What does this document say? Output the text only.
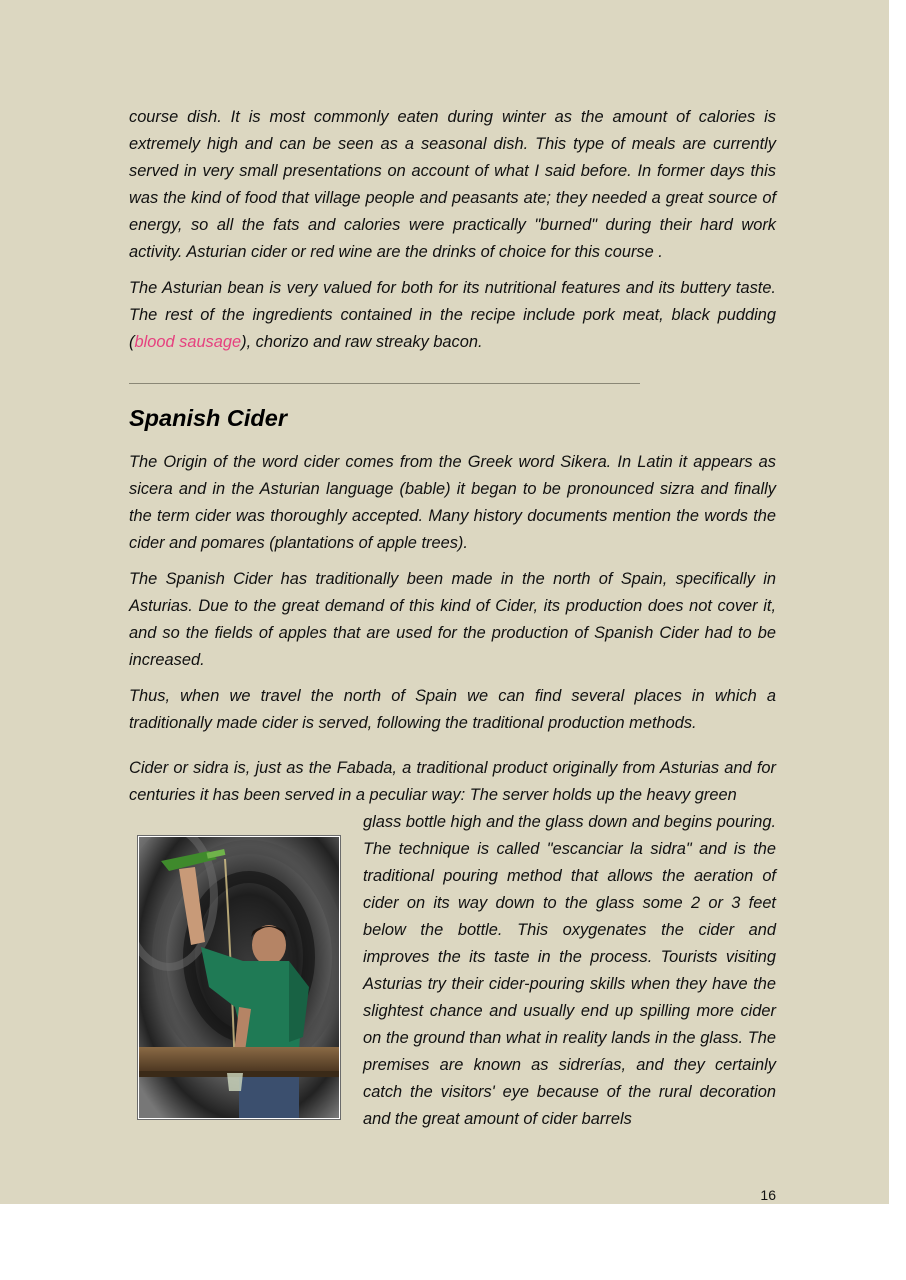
course dish. It is most commonly eaten during winter as the amount of calories is extremely high and can be seen as a seasonal dish. This type of meals are currently served in very small presentations on account of what I said before. In former days this was the kind of food that village people and peasants ate; they needed a great source of energy, so all the fats and calories were practically "burned" during their hard work activity. Asturian cider or red wine are the drinks of choice for this course .

The Asturian bean is very valued for both for its nutritional features and its buttery taste. The rest of the ingredients contained in the recipe include pork meat, black pudding (blood sausage), chorizo and raw streaky bacon.

Spanish Cider

The Origin of the word cider comes from the Greek word Sikera. In Latin it appears as sicera and in the Asturian language (bable) it began to be pronounced sizra and finally the term cider was thoroughly accepted. Many history documents mention the words the cider and pomares (plantations of apple trees).

The Spanish Cider has traditionally been made in the north of Spain, specifically in Asturias. Due to the great demand of this kind of Cider, its production does not cover it, and so the fields of apples that are used for the production of Spanish Cider had to be increased.

Thus, when we travel the north of Spain we can find several places in which a traditionally made cider is served, following the traditional production methods.

Cider or sidra is, just as the Fabada, a traditional product originally from Asturias and for centuries it has been served in a peculiar way: The server holds up the heavy green

glass bottle high and the glass down and begins pouring. The technique is called "escanciar la sidra" and is the traditional pouring method that allows the aeration of cider on its way down to the glass some 2 or 3 feet below the bottle. This oxygenates the cider and improves the its taste in the process. Tourists visiting Asturias try their cider-pouring skills when they have the slightest chance and usually end up spilling more cider on the ground than what in reality lands in the glass. The premises are known as sidrerías, and they certainly catch the visitors' eye because of the rural decoration and the great amount of cider barrels

16
